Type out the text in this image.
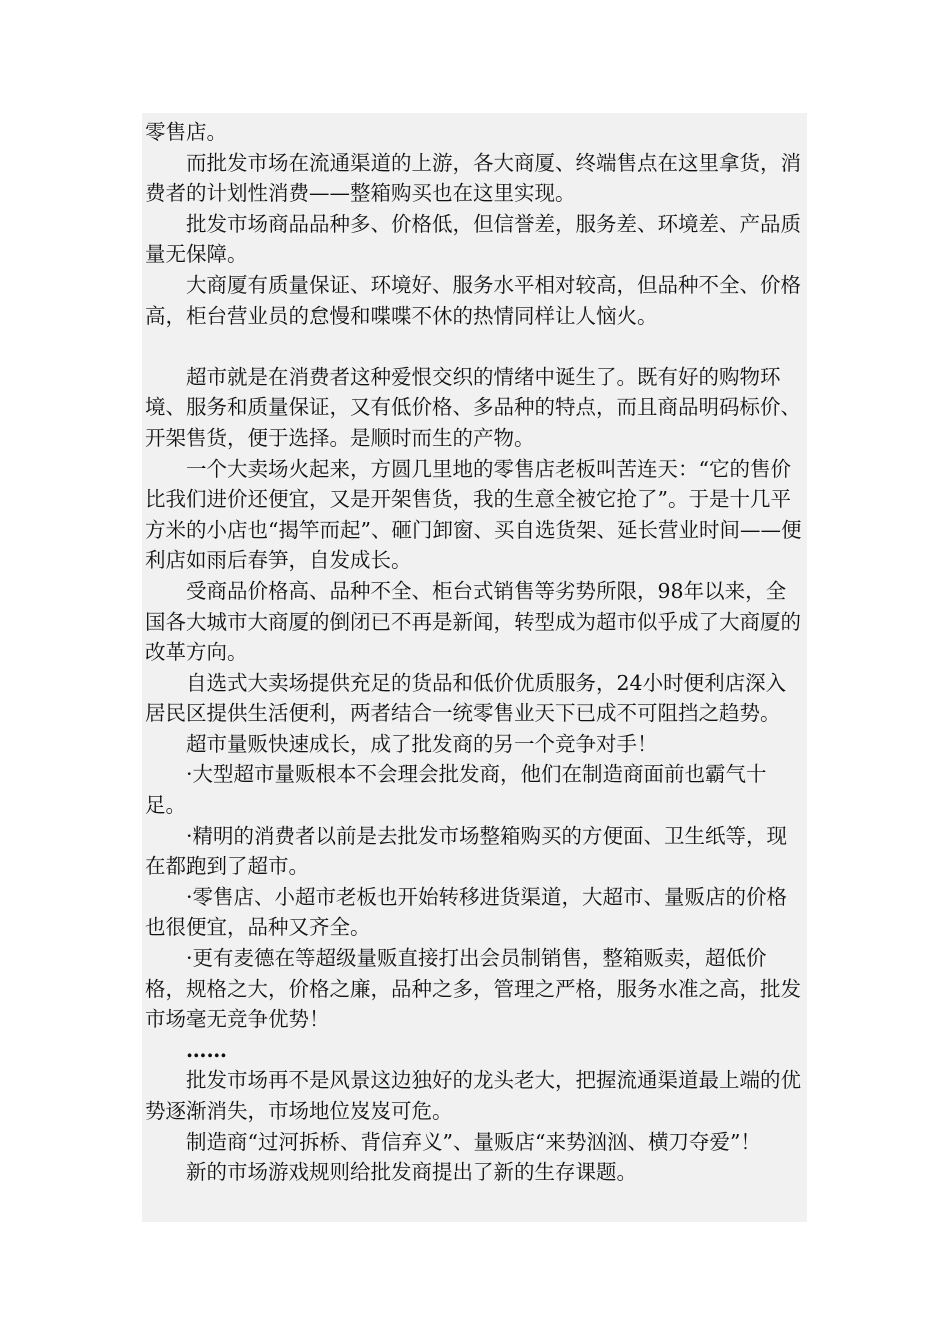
零售店。

而批发市场在流通渠道的上游，各大商厦、终端售点在这里拿货，消费者的计划性消费——整箱购买也在这里实现。

批发市场商品品种多、价格低，但信誉差，服务差、环境差、产品质量无保障。

大商厦有质量保证、环境好、服务水平相对较高，但品种不全、价格高，柜台营业员的怠慢和喋喋不休的热情同样让人恼火。

超市就是在消费者这种爱恨交织的情绪中诞生了。既有好的购物环境、服务和质量保证，又有低价格、多品种的特点，而且商品明码标价、开架售货，便于选择。是顺时而生的产物。

一个大卖场火起来，方圆几里地的零售店老板叫苦连天：“它的售价比我们进价还便宜，又是开架售货，我的生意全被它抢了”。于是十几平方米的小店也“揭竿而起”、砸门卸窗、买自选货架、延长营业时间——便利店如雨后春笋，自发成长。

受商品价格高、品种不全、柜台式销售等劣势所限，98年以来，全国各大城市大商厦的倒闭已不再是新闻，转型成为超市似乎成了大商厦的改革方向。

自选式大卖场提供充足的货品和低价优质服务，24小时便利店深入居民区提供生活便利，两者结合一统零售业天下已成不可阻挡之趋势。

超市量贩快速成长，成了批发商的另一个竞争对手！

·大型超市量贩根本不会理会批发商，他们在制造商面前也霸气十足。

·精明的消费者以前是去批发市场整箱购买的方便面、卫生纸等，现在都跑到了超市。

·零售店、小超市老板也开始转移进货渠道，大超市、量贩店的价格也很便宜，品种又齐全。

·更有麦德在等超级量贩直接打出会员制销售，整箱贩卖，超低价格，规格之大，价格之廉，品种之多，管理之严格，服务水准之高，批发市场毫无竞争优势！

……

批发市场再不是风景这边独好的龙头老大，把握流通渠道最上端的优势逐渐消失，市场地位岌岌可危。

制造商“过河拆桥、背信弃义”、量贩店“来势汹汹、横刀夺爱”！

新的市场游戏规则给批发商提出了新的生存课题。
